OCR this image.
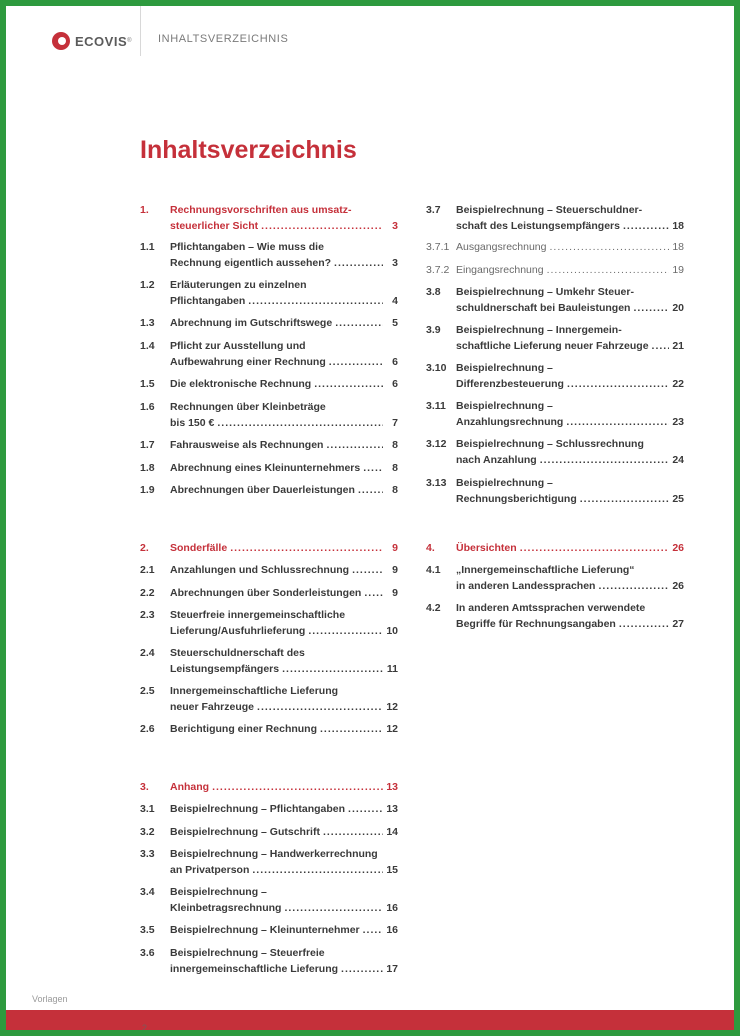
ECOVIS ® INHALTSVERZEICHNIS
Inhaltsverzeichnis
1. Rechnungsvorschriften aus umsatz-
steuerlicher Sicht .....	3
1.1 Pflichtangaben – Wie muss die
Rechnung eigentlich aussehen? .....	3
1.2 Erläuterungen zu einzelnen
Pflichtangaben .....	4
1.3 Abrechnung im Gutschriftswege .....	5
1.4 Pflicht zur Ausstellung und
Aufbewahrung einer Rechnung .....	6
1.5 Die elektronische Rechnung .....	6
1.6 Rechnungen über Kleinbeträge
bis 150 € .....	7
1.7 Fahrausweise als Rechnungen .....	8
1.8 Abrechnung eines Kleinunternehmers .....	8
1.9 Abrechnungen über Dauerleistungen .....	8
2. Sonderfälle .....	9
2.1 Anzahlungen und Schlussrechnung .....	9
2.2 Abrechnungen über Sonderleistungen .....	9
2.3 Steuerfreie innergemeinschaftliche
Lieferung/Ausfuhrlieferung .....	10
2.4 Steuerschuldnerschaft des
Leistungsempfängers .....	11
2.5 Innergemeinschaftliche Lieferung
neuer Fahrzeuge .....	12
2.6 Berichtigung einer Rechnung .....	12
3. Anhang .....	13
3.1 Beispielrechnung – Pflichtangaben .....	13
3.2 Beispielrechnung – Gutschrift .....	14
3.3 Beispielrechnung – Handwerkerrechnung
an Privatperson .....	15
3.4 Beispielrechnung –
Kleinbetragsrechnung .....	16
3.5 Beispielrechnung – Kleinunternehmer .....	16
3.6 Beispielrechnung – Steuerfreie
innergemeinschaftliche Lieferung .....	17
3.7 Beispielrechnung – Steuerschuldner-
schaft des Leistungsempfängers .....	18
3.7.1 Ausgangsrechnung .....	18
3.7.2 Eingangsrechnung .....	19
3.8 Beispielrechnung – Umkehr Steuer-
schuldnerschaft bei Bauleistungen .....	20
3.9 Beispielrechnung – Innergemein-
schaftliche Lieferung neuer Fahrzeuge ..... 21
3.10 Beispielrechnung –
Differenzbesteuerung .....	22
3.11 Beispielrechnung –
Anzahlungsrechnung .....	23
3.12 Beispielrechnung – Schlussrechnung
nach Anzahlung .....	24
3.13 Beispielrechnung –
Rechnungsberichtigung .....	25
4. Übersichten .....	26
4.1 „Innergemeinschaftliche Lieferung“
in anderen Landessprachen .....	26
4.2 In anderen Amtssprachen verwendete
Begriffe für Rechnungsangaben .....	27
Vorlagen
2
